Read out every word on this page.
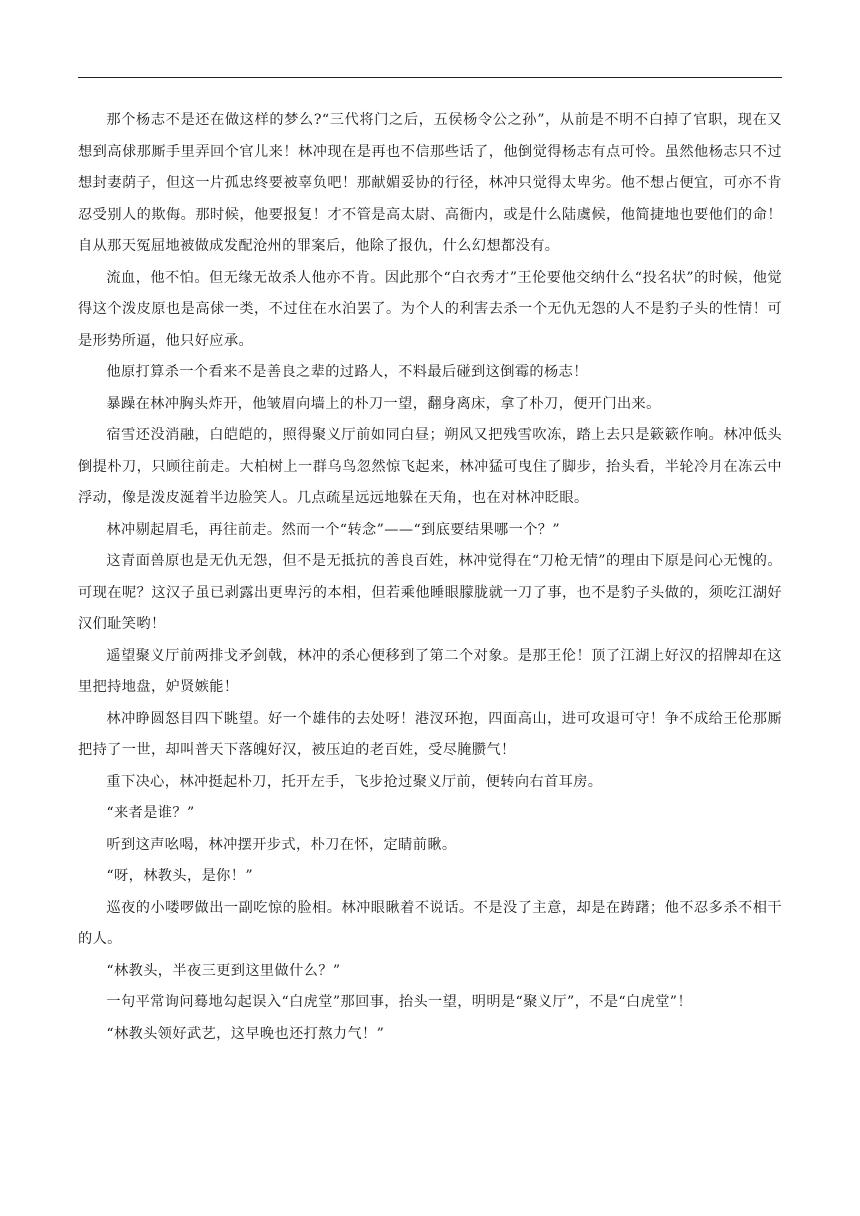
那个杨志不是还在做这样的梦么?“三代将门之后，五侯杨令公之孙”，从前是不明不白掉了官职，现在又想到高俅那厮手里弄回个官儿来！林冲现在是再也不信那些话了，他倒觉得杨志有点可怜。虽然他杨志只不过想封妻荫子，但这一片孤忠终要被辜负吧！那献媚妥协的行径，林冲只觉得太卑劣。他不想占便宜，可亦不肯忍受别人的欺侮。那时候，他要报复！才不管是高太尉、高衙内，或是什么陆虞候，他简捷地也要他们的命！自从那天冤屈地被做成发配沧州的罪案后，他除了报仇，什么幻想都没有。

流血，他不怕。但无缘无故杀人他亦不肯。因此那个“白衣秀才”王伦要他交纳什么“投名状”的时候，他觉得这个泼皮原也是高俅一类，不过住在水泊罢了。为个人的利害去杀一个无仇无怨的人不是豹子头的性情！可是形势所逼，他只好应承。

他原打算杀一个看来不是善良之辈的过路人，不料最后碰到这倒霉的杨志！

暴躁在林冲胸头炸开，他皱眉向墙上的朴刀一望，翻身离床，拿了朴刀，便开门出来。

宿雪还没消融，白皑皑的，照得聚义厅前如同白昼；朔风又把残雪吹冻，踏上去只是簌簌作响。林冲低头倒提朴刀，只顾往前走。大柏树上一群乌鸟忽然惊飞起来，林冲猛可曳住了脚步，抬头看，半轮冷月在冻云中浮动，像是泼皮涎着半边脸笑人。几点疏星远远地躲在天角，也在对林冲眨眼。

林冲剔起眉毛，再往前走。然而一个“转念”——“到底要结果哪一个？”

这青面兽原也是无仇无怨，但不是无抵抗的善良百姓，林冲觉得在“刀枪无情”的理由下原是问心无愧的。可现在呢？这汉子虽已剥露出更卑污的本相，但若乘他睡眼朦胧就一刀了事，也不是豹子头做的，须吃江湖好汉们耻笑哟！

遥望聚义厅前两排戈矛剑戟，林冲的杀心便移到了第二个对象。是那王伦！顶了江湖上好汉的招牌却在这里把持地盘，妒贤嫉能！

林冲睁圆怒目四下眺望。好一个雄伟的去处呀！港汊环抱，四面高山，进可攻退可守！争不成给王伦那厮把持了一世，却叫普天下落魄好汉，被压迫的老百姓，受尽腌臜气！

重下决心，林冲挺起朴刀，托开左手，飞步抢过聚义厅前，便转向右首耳房。

“来者是谁？”

听到这声吆喝，林冲摆开步式，朴刀在怀，定睛前瞅。

“呀，林教头，是你！”

巡夜的小喽啰做出一副吃惊的脸相。林冲眼瞅着不说话。不是没了主意，却是在踌躇；他不忍多杀不相干的人。

“林教头，半夜三更到这里做什么？”

一句平常询问蓦地勾起误入“白虎堂”那回事，抬头一望，明明是“聚义厅”，不是“白虎堂”！

“林教头领好武艺，这早晚也还打熬力气！”
